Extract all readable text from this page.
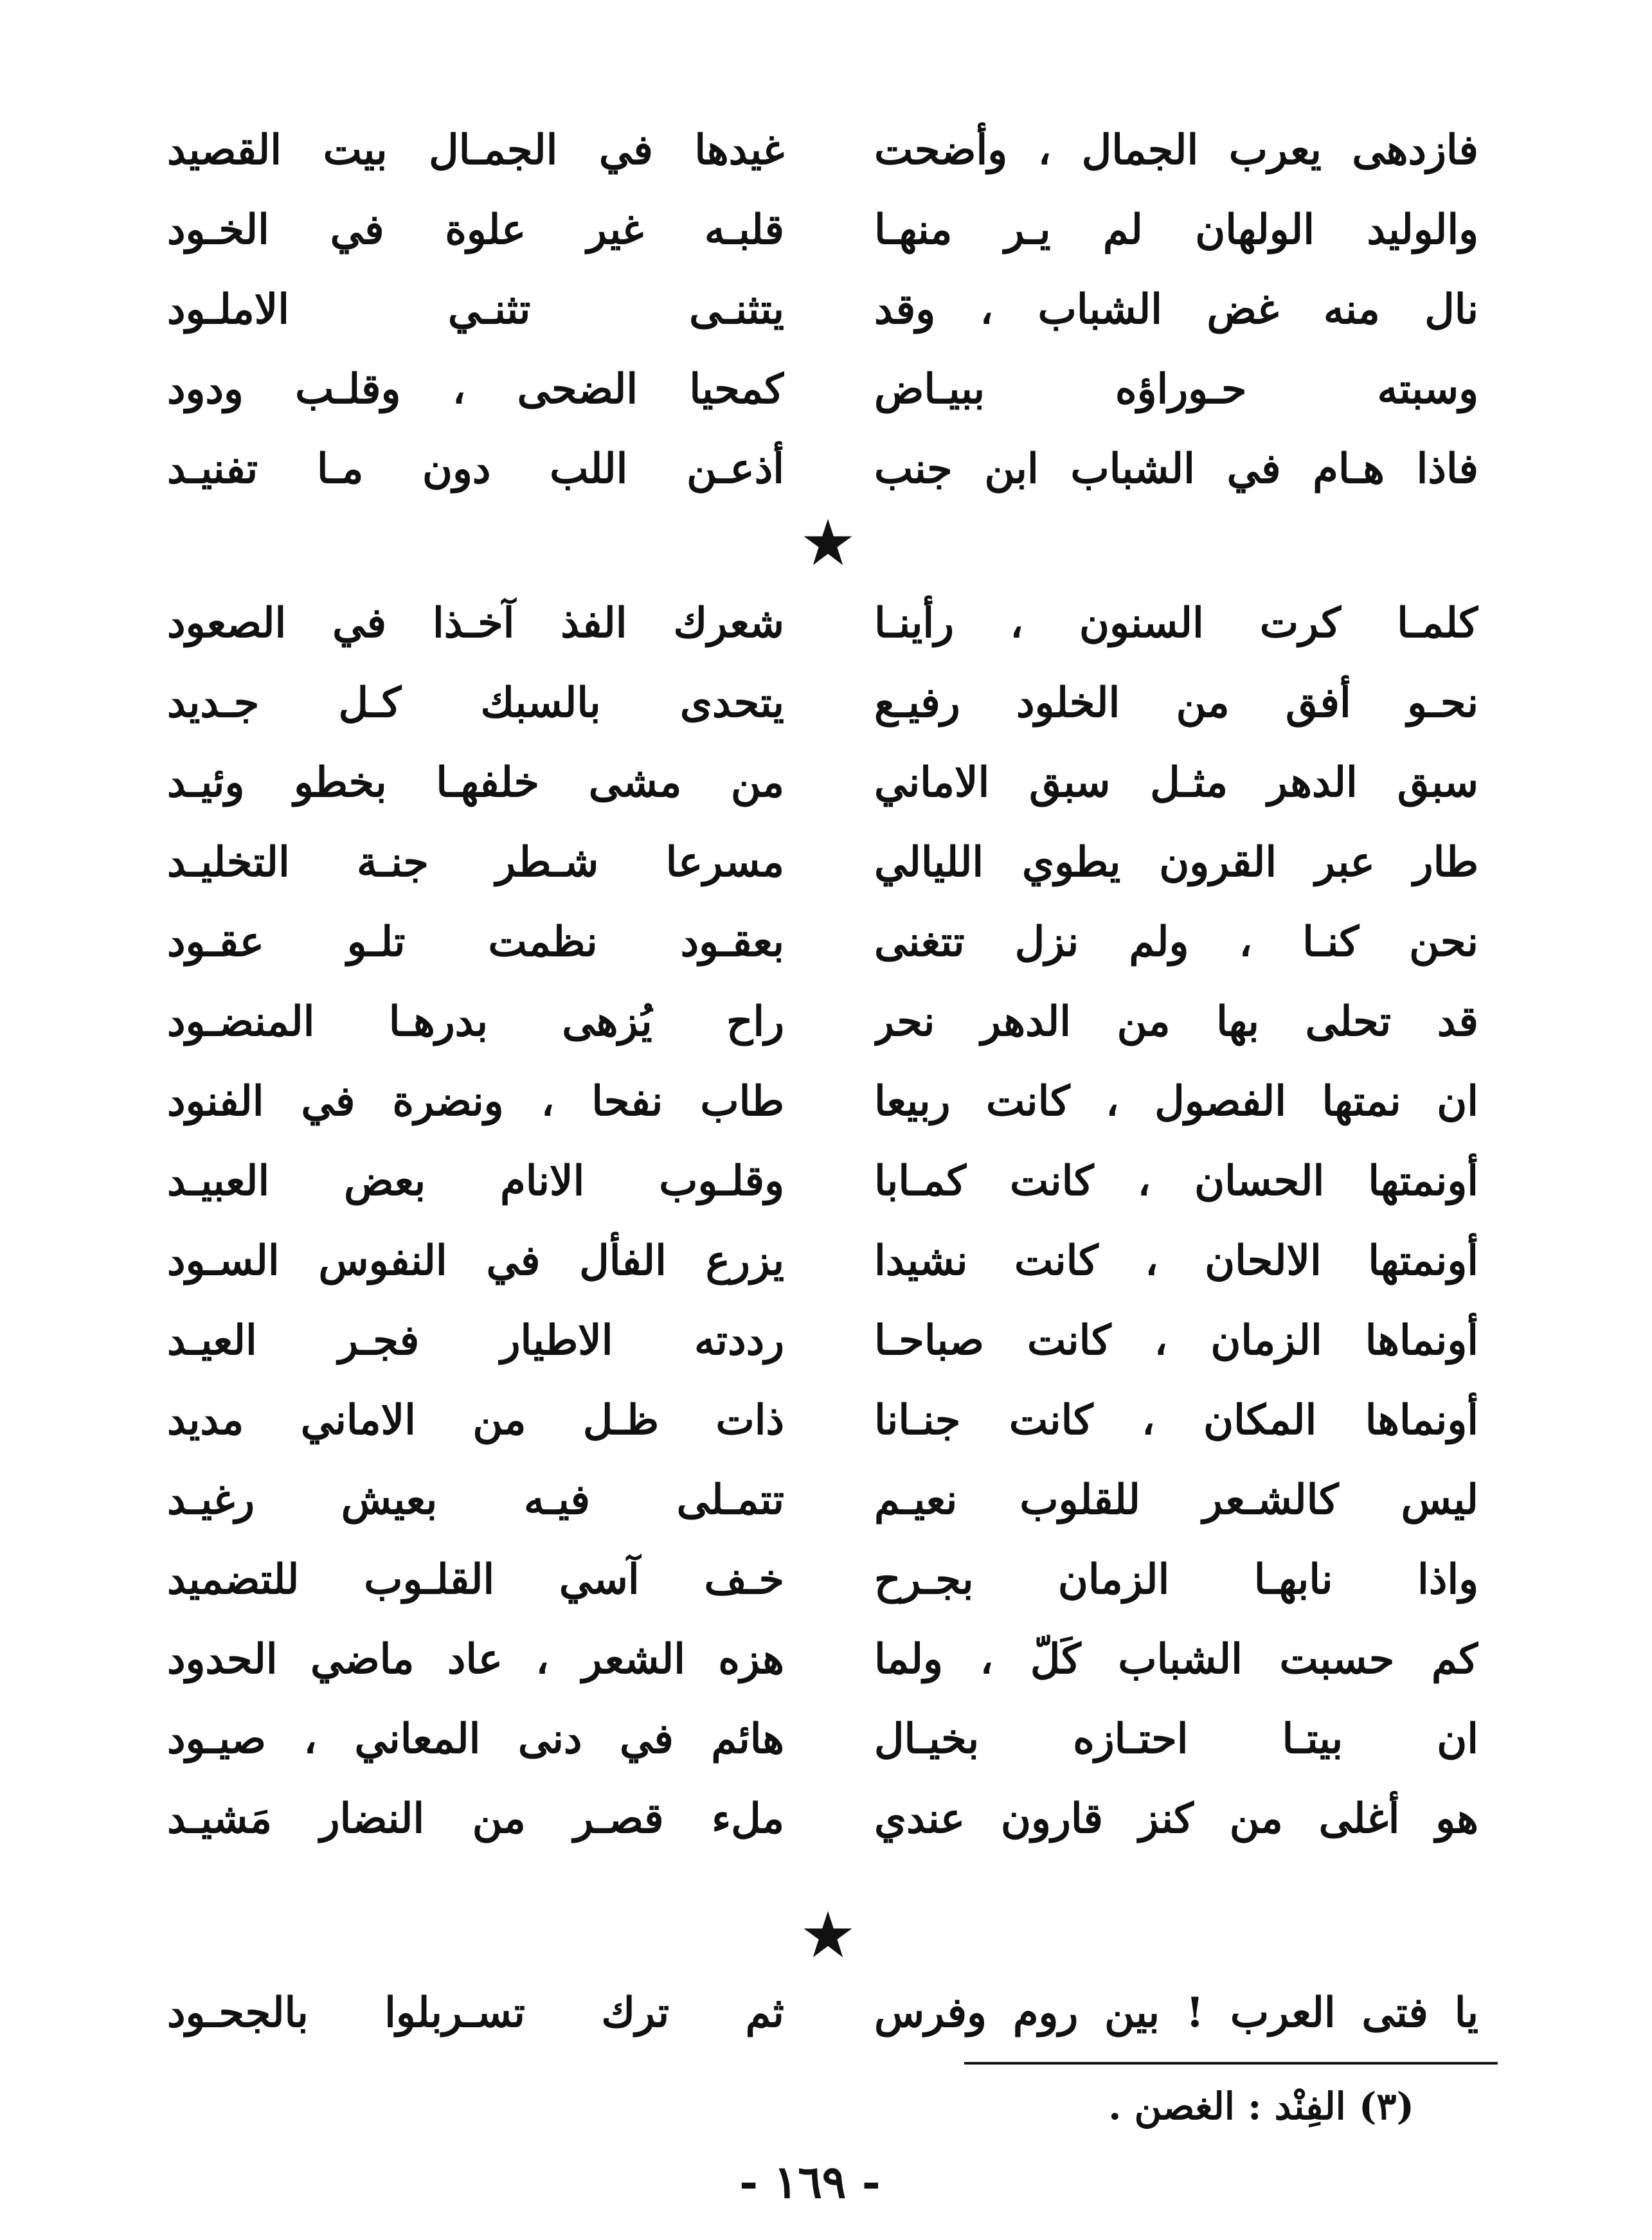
فازدهى يعرب الجمال ، وأضحت
غيدها في الجمـال بيت القصيد
والوليد الولهان لم يـر منهـا
قلبـه غير علوة في الخـود
نال منه غض الشباب ، وقد
يتثنـى تثنـي الاملـود
وسبته حـوراؤه ببيـاض
كمحيا الضحى ، وقلـب ودود
فاذا هـام في الشباب ابن جنب
أذعـن اللب دون مـا تفنيـد
كلمـا كرت السنون ، رأينـا
شعرك الفذ آخـذا في الصعود
نحـو أفق من الخلود رفيـع
يتحدى بالسبك كـل جـديد
سبق الدهر مثـل سبق الاماني
من مشى خلفهـا بخطو وئيـد
طار عبر القرون يطوي الليالي
مسرعا شـطر جنـة التخليـد
نحن كنـا ، ولم نزل تتغنى
بعقـود نظمت تلـو عقـود
قد تحلى بها من الدهر نحر
راح يُزهى بدرهـا المنضـود
ان نمتها الفصول ، كانت ربيعا
طاب نفحا ، ونضرة في الفنود
أونمتها الحسان ، كانت كمـابا
وقلـوب الانام بعض العبيـد
أونمتها الالحان ، كانت نشيدا
يزرع الفأل في النفوس السـود
أونماها الزمان ، كانت صباحـا
رددته الاطيار فجـر العيـد
أونماها المكان ، كانت جنـانا
ذات ظـل من الاماني مديد
ليس كالشـعر للقلوب نعيـم
تتمـلى فيـه بعيش رغيـد
واذا نابهـا الزمان بجـرح
خـف آسي القلـوب للتضميد
كم حسبت الشباب كَلّ ، ولما
هزه الشعر ، عاد ماضي الحدود
ان بيتـا احتـازه بخيـال
هائم في دنى المعاني ، صيـود
هو أغلى من كنز قارون عندي
ملء قصـر من النضار مَشيـد
يا فتى العرب ! بين روم وفرس
ثم ترك تسـربلوا بالجحـود
(٣) الفِنْد : الغصن .
- ١٦٩ -
